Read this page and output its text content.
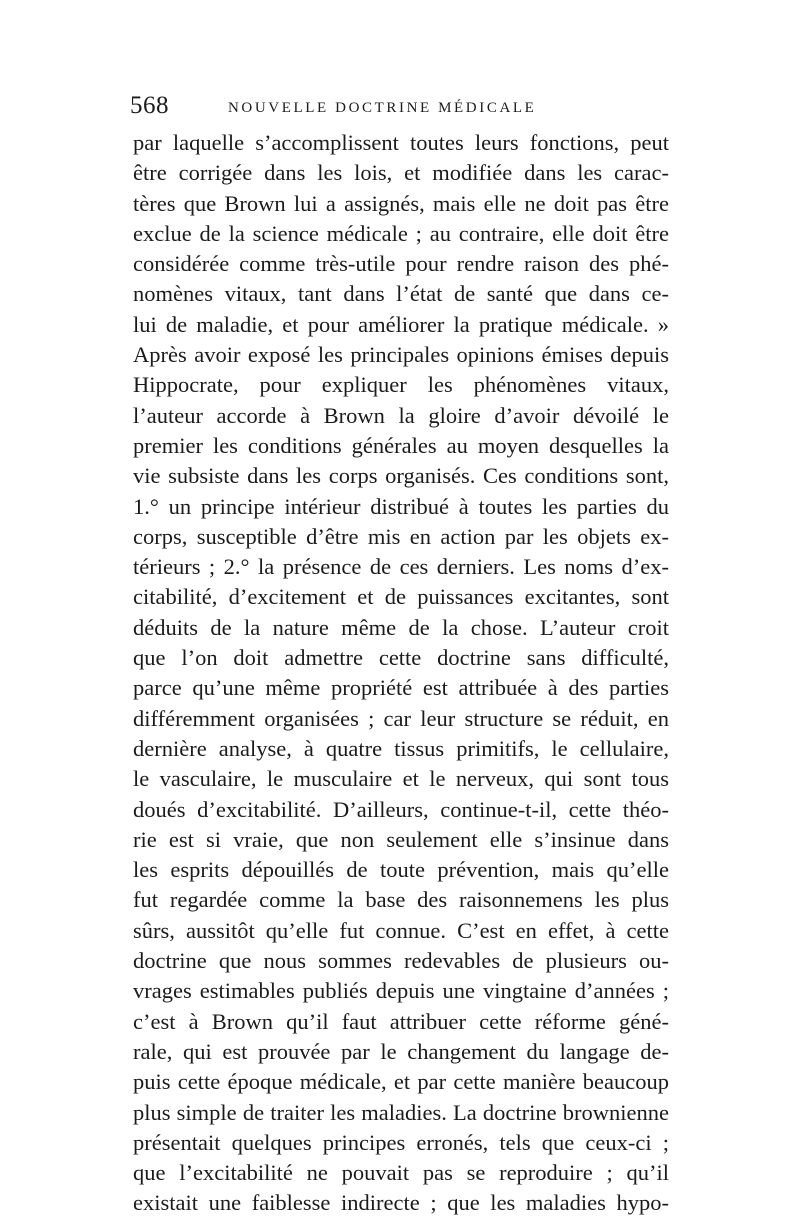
568	NOUVELLE DOCTRINE MÉDICALE
par laquelle s’accomplissent toutes leurs fonctions, peut
être corrigée dans les lois, et modifiée dans les carac-
tères que Brown lui a assignés, mais elle ne doit pas être
exclue de la science médicale ; au contraire, elle doit être
considérée comme très-utile pour rendre raison des phé-
nomènes vitaux, tant dans l’état de santé que dans ce-
lui de maladie, et pour améliorer la pratique médicale. »
Après avoir exposé les principales opinions émises depuis
Hippocrate, pour expliquer les phénomènes vitaux,
l’auteur accorde à Brown la gloire d’avoir dévoilé le
premier les conditions générales au moyen desquelles la
vie subsiste dans les corps organisés. Ces conditions sont,
1.° un principe intérieur distribué à toutes les parties du
corps, susceptible d’être mis en action par les objets ex-
térieurs ; 2.° la présence de ces derniers. Les noms d’ex-
citabilité, d’excitement et de puissances excitantes, sont
déduits de la nature même de la chose. L’auteur croit
que l’on doit admettre cette doctrine sans difficulté,
parce qu’une même propriété est attribuée à des parties
différemment organisées ; car leur structure se réduit, en
dernière analyse, à quatre tissus primitifs, le cellulaire,
le vasculaire, le musculaire et le nerveux, qui sont tous
doués d’excitabilité. D’ailleurs, continue-t-il, cette théo-
rie est si vraie, que non seulement elle s’insinue dans
les esprits dépouillés de toute prévention, mais qu’elle
fut regardée comme la base des raisonnemens les plus
sûrs, aussitôt qu’elle fut connue. C’est en effet, à cette
doctrine que nous sommes redevables de plusieurs ou-
vrages estimables publiés depuis une vingtaine d’années ;
c’est à Brown qu’il faut attribuer cette réforme géné-
rale, qui est prouvée par le changement du langage de-
puis cette époque médicale, et par cette manière beaucoup
plus simple de traiter les maladies. La doctrine brownienne
présentait quelques principes erronés, tels que ceux-ci ;
que l’excitabilité ne pouvait pas se reproduire ; qu’il
existait une faiblesse indirecte ; que les maladies hypo-
